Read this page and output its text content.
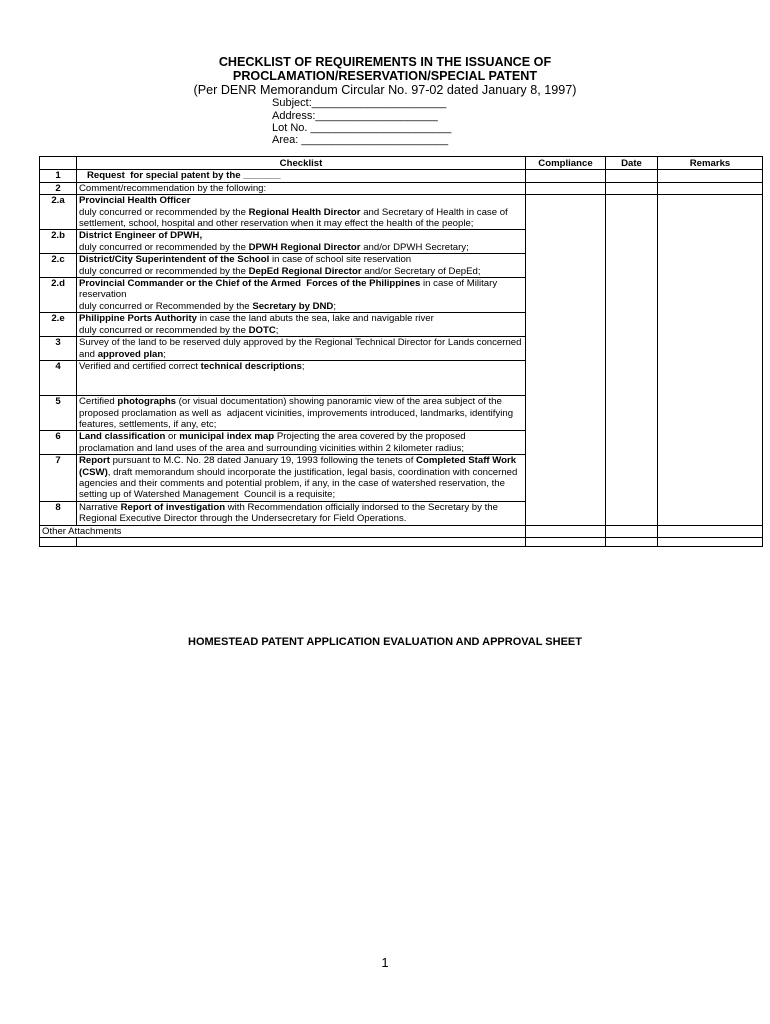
CHECKLIST OF REQUIREMENTS IN THE ISSUANCE OF
PROCLAMATION/RESERVATION/SPECIAL PATENT
(Per DENR Memorandum Circular No. 97-02 dated January 8, 1997)
Subject:______________________
Address:____________________
Lot No. _______________________
Area: ________________________
	Checklist	Compliance	Date	Remarks
1	Request  for special patent by the _______			
2	Comment/recommendation by the following:			
2.a	Provincial Health Officer
duly concurred or recommended by the Regional Health Director and Secretary of Health in case of settlement, school, hospital and other reservation when it may effect the health of the people;			
2.b	District Engineer of DPWH,
duly concurred or recommended by the DPWH Regional Director and/or DPWH Secretary;			
2.c	District/City Superintendent of the School in case of school site reservation
duly concurred or recommended by the DepEd Regional Director and/or Secretary of DepEd;			
2.d	Provincial Commander or the Chief of the Armed  Forces of the Philippines in case of Military reservation
duly concurred or Recommended by the Secretary by DND;			
2.e	Philippine Ports Authority in case the land abuts the sea, lake and navigable river
duly concurred or recommended by the DOTC;			
3	Survey of the land to be reserved duly approved by the Regional Technical Director for Lands concerned and approved plan;			
4	Verified and certified correct technical descriptions;

5	Certified photographs (or visual documentation) showing panoramic view of the area subject of the proposed proclamation as well as  adjacent vicinities, improvements introduced, landmarks, identifying features, settlements, if any, etc;			
6	Land classification or municipal index map Projecting the area covered by the proposed proclamation and land uses of the area and surrounding vicinities within 2 kilometer radius;			
7	Report pursuant to M.C. No. 28 dated January 19, 1993 following the tenets of Completed Staff Work  (CSW), draft memorandum should incorporate the justification, legal basis, coordination with concerned agencies and their comments and potential problem, if any, in the case of watershed reservation, the setting up of Watershed Management  Council is a requisite;			
8	Narrative Report of investigation with Recommendation officially indorsed to the Secretary by the Regional Executive Director through the Undersecretary for Field Operations.			
Other Attachments				

HOMESTEAD PATENT APPLICATION EVALUATION AND APPROVAL SHEET
1
